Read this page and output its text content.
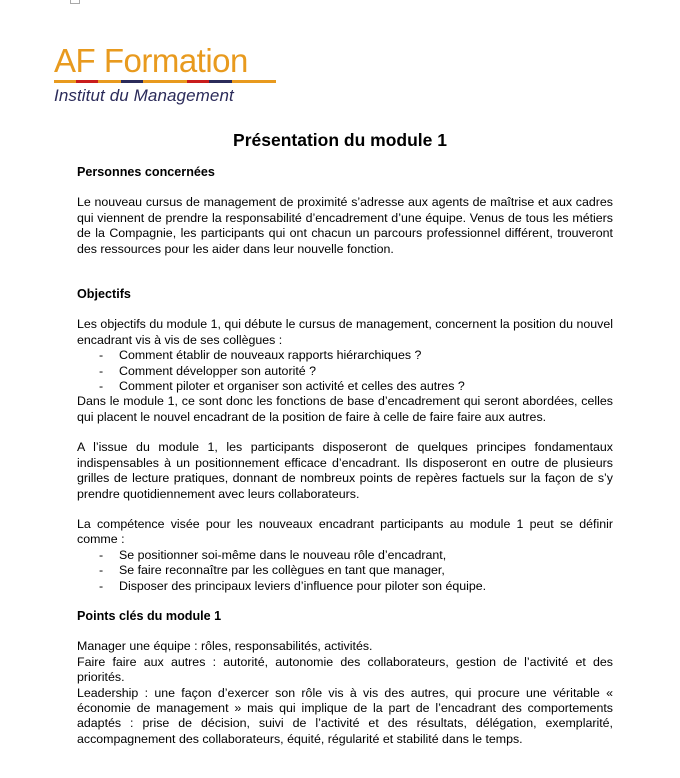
AF Formation
Institut du Management
Présentation du module 1
Personnes concernées

Le nouveau cursus de management de proximité s’adresse aux agents de maîtrise et aux cadres qui viennent de prendre la responsabilité d’encadrement d’une équipe. Venus de tous les métiers de la Compagnie, les participants qui ont chacun un parcours professionnel différent, trouveront des ressources pour les aider dans leur nouvelle fonction.

Objectifs

Les objectifs du module 1, qui débute le cursus de management, concernent la position du nouvel encadrant vis à vis de ses collègues :

- Comment établir de nouveaux rapports hiérarchiques ?
- Comment développer son autorité ?
- Comment piloter et organiser son activité et celles des autres ?

Dans le module 1, ce sont donc les fonctions de base d’encadrement qui seront abordées, celles qui placent le nouvel encadrant de la position de faire à celle de faire faire aux autres.

A l’issue du module 1, les participants disposeront de quelques principes fondamentaux indispensables à un positionnement efficace d’encadrant. Ils disposeront en outre de plusieurs grilles de lecture pratiques, donnant de nombreux points de repères factuels sur la façon de s’y prendre quotidiennement avec leurs collaborateurs.

La compétence visée pour les nouveaux encadrant participants au module 1 peut se définir comme :

- Se positionner soi-même dans le nouveau rôle d’encadrant,
- Se faire reconnaître par les collègues en tant que manager,
- Disposer des principaux leviers d’influence pour piloter son équipe.
Points clés du module 1

Manager une équipe : rôles, responsabilités, activités.

Faire faire aux autres : autorité, autonomie des collaborateurs, gestion de l’activité et des priorités.

Leadership : une façon d’exercer son rôle vis à vis des autres, qui procure une véritable « économie de management » mais qui implique de la part de l’encadrant des comportements adaptés : prise de décision, suivi de l’activité et des résultats, délégation, exemplarité, accompagnement des collaborateurs, équité, régularité et stabilité dans le temps.
